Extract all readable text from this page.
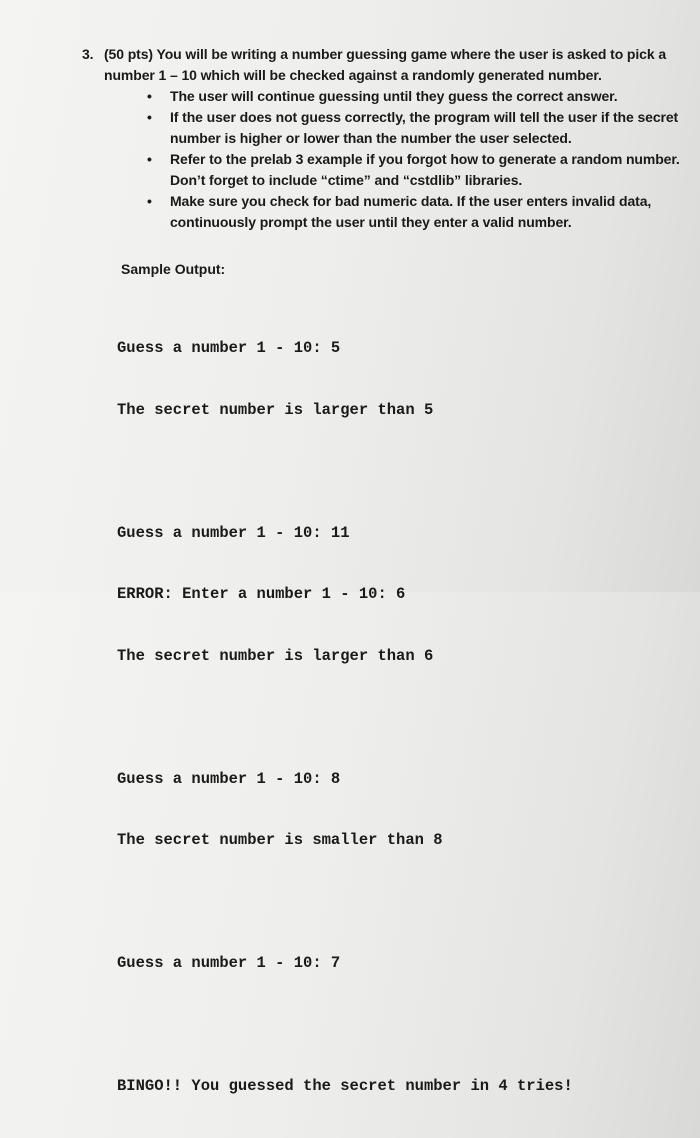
3. (50 pts) You will be writing a number guessing game where the user is asked to pick a number 1 – 10 which will be checked against a randomly generated number.
• The user will continue guessing until they guess the correct answer.
• If the user does not guess correctly, the program will tell the user if the secret number is higher or lower than the number the user selected.
• Refer to the prelab 3 example if you forgot how to generate a random number. Don’t forget to include “ctime” and “cstdlib” libraries.
• Make sure you check for bad numeric data. If the user enters invalid data, continuously prompt the user until they enter a valid number.
Sample Output:

Guess a number 1 - 10: 5

The secret number is larger than 5

Guess a number 1 - 10: 11

ERROR: Enter a number 1 - 10: 6

The secret number is larger than 6

Guess a number 1 - 10: 8

The secret number is smaller than 8

Guess a number 1 - 10: 7

BINGO!! You guessed the secret number in 4 tries!
